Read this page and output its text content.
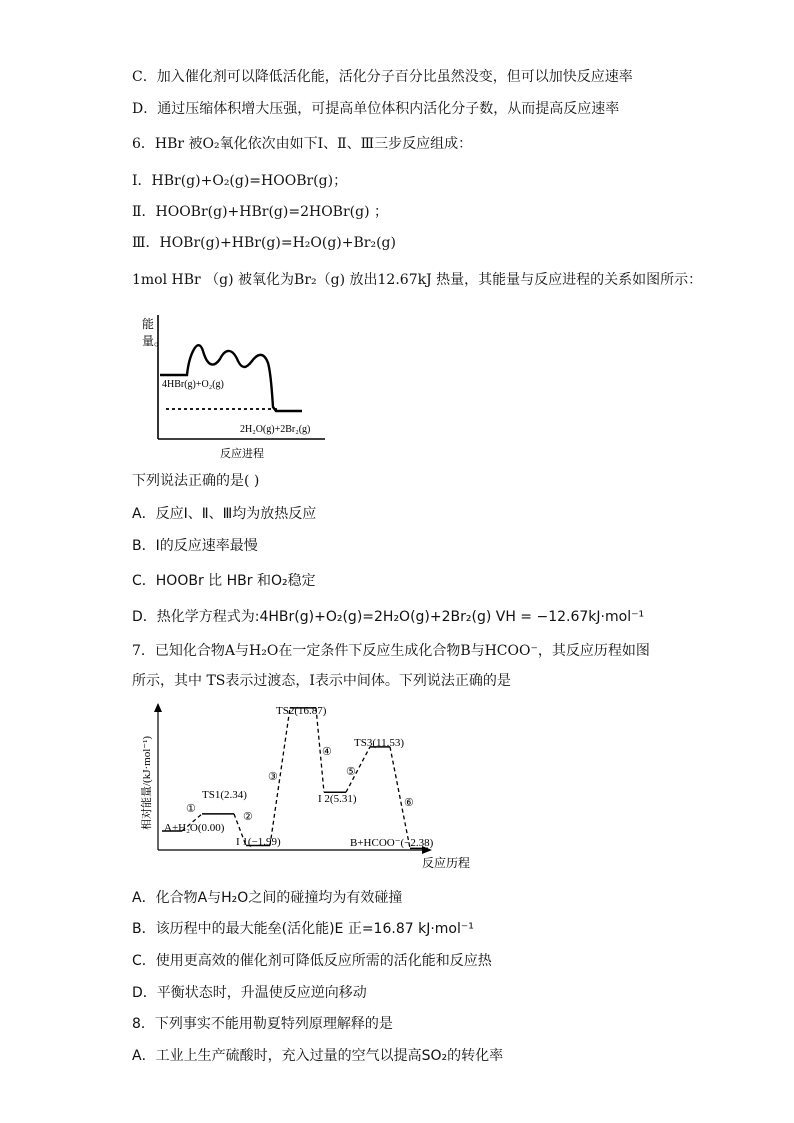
C．加入催化剂可以降低活化能，活化分子百分比虽然没变，但可以加快反应速率
D．通过压缩体积增大压强，可提高单位体积内活化分子数，从而提高反应速率
6．HBr 被O₂氧化依次由如下Ⅰ、Ⅱ、Ⅲ三步反应组成：
Ⅰ．HBr(g)+O₂(g)=HOOBr(g)；
Ⅱ．HOOBr(g)+HBr(g)=2HOBr(g) ；
Ⅲ．HOBr(g)+HBr(g)=H₂O(g)+Br₂(g)
1mol HBr （g) 被氧化为Br₂（g) 放出12.67kJ 热量，其能量与反应进程的关系如图所示：
能
量。
4HBr(g)+O₂(g)
2H₂O(g)+2Br₂(g)
反应进程
下列说法正确的是( )
A．反应Ⅰ、Ⅱ、Ⅲ均为放热反应
B．Ⅰ的反应速率最慢
C．HOOBr 比 HBr 和O₂稳定
D．热化学方程式为:4HBr(g)+O₂(g)=2H₂O(g)+2Br₂(g) VH = −12.67kJ·mol⁻¹
7．已知化合物A与H₂O在一定条件下反应生成化合物B与HCOO⁻，其反应历程如图
所示，其中 TS表示过渡态，I表示中间体。下列说法正确的是
相对能量/(kJ·mol⁻¹)
反应历程
A+H₂O(0.00)
TS1(2.34)
I 1(−1.99)
TS2(16.87)
I 2(5.31)
TS3(11.53)
B+HCOO⁻(−2.38)
①
②
③
④
⑤
⑥
A．化合物A与H₂O之间的碰撞均为有效碰撞
B．该历程中的最大能垒(活化能)E 正=16.87 kJ·mol⁻¹
C．使用更高效的催化剂可降低反应所需的活化能和反应热
D．平衡状态时，升温使反应逆向移动
8．下列事实不能用勒夏特列原理解释的是
A．工业上生产硫酸时，充入过量的空气以提高SO₂的转化率
